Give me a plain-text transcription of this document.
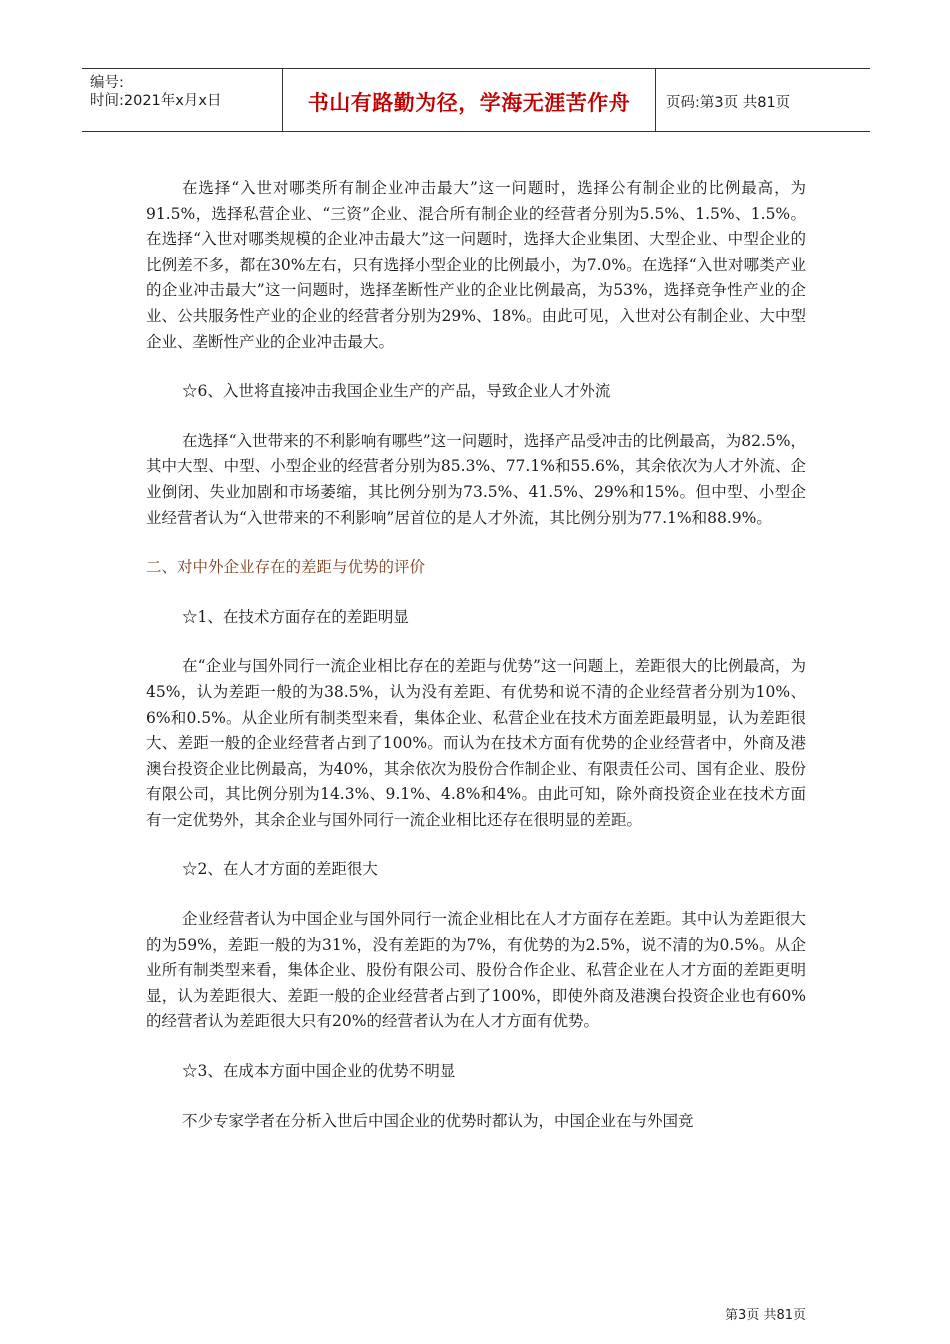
编号:
时间:2021年x月x日	书山有路勤为径，学海无涯苦作舟	页码:第3页 共81页

在选择“入世对哪类所有制企业冲击最大”这一问题时，选择公有制企业的比例最高，为91.5%，选择私营企业、“三资”企业、混合所有制企业的经营者分别为5.5%、1.5%、1.5%。在选择“入世对哪类规模的企业冲击最大”这一问题时，选择大企业集团、大型企业、中型企业的比例差不多，都在30%左右，只有选择小型企业的比例最小，为7.0%。在选择“入世对哪类产业的企业冲击最大”这一问题时，选择垄断性产业的企业比例最高，为53%，选择竞争性产业的企业、公共服务性产业的企业的经营者分别为29%、18%。由此可见，入世对公有制企业、大中型企业、垄断性产业的企业冲击最大。

☆6、入世将直接冲击我国企业生产的产品，导致企业人才外流

在选择“入世带来的不利影响有哪些”这一问题时，选择产品受冲击的比例最高，为82.5%，其中大型、中型、小型企业的经营者分别为85.3%、77.1%和55.6%，其余依次为人才外流、企业倒闭、失业加剧和市场萎缩，其比例分别为73.5%、41.5%、29%和15%。但中型、小型企业经营者认为“入世带来的不利影响”居首位的是人才外流，其比例分别为77.1%和88.9%。

二、对中外企业存在的差距与优势的评价

☆1、在技术方面存在的差距明显

在“企业与国外同行一流企业相比存在的差距与优势”这一问题上，差距很大的比例最高，为45%，认为差距一般的为38.5%，认为没有差距、有优势和说不清的企业经营者分别为10%、6%和0.5%。从企业所有制类型来看，集体企业、私营企业在技术方面差距最明显，认为差距很大、差距一般的企业经营者占到了100%。而认为在技术方面有优势的企业经营者中，外商及港澳台投资企业比例最高，为40%，其余依次为股份合作制企业、有限责任公司、国有企业、股份有限公司，其比例分别为14.3%、9.1%、4.8%和4%。由此可知，除外商投资企业在技术方面有一定优势外，其余企业与国外同行一流企业相比还存在很明显的差距。

☆2、在人才方面的差距很大

企业经营者认为中国企业与国外同行一流企业相比在人才方面存在差距。其中认为差距很大的为59%，差距一般的为31%，没有差距的为7%，有优势的为2.5%，说不清的为0.5%。从企业所有制类型来看，集体企业、股份有限公司、股份合作企业、私营企业在人才方面的差距更明显，认为差距很大、差距一般的企业经营者占到了100%，即使外商及港澳台投资企业也有60%的经营者认为差距很大只有20%的经营者认为在人才方面有优势。

☆3、在成本方面中国企业的优势不明显

不少专家学者在分析入世后中国企业的优势时都认为，中国企业在与外国竞

第3页 共81页
